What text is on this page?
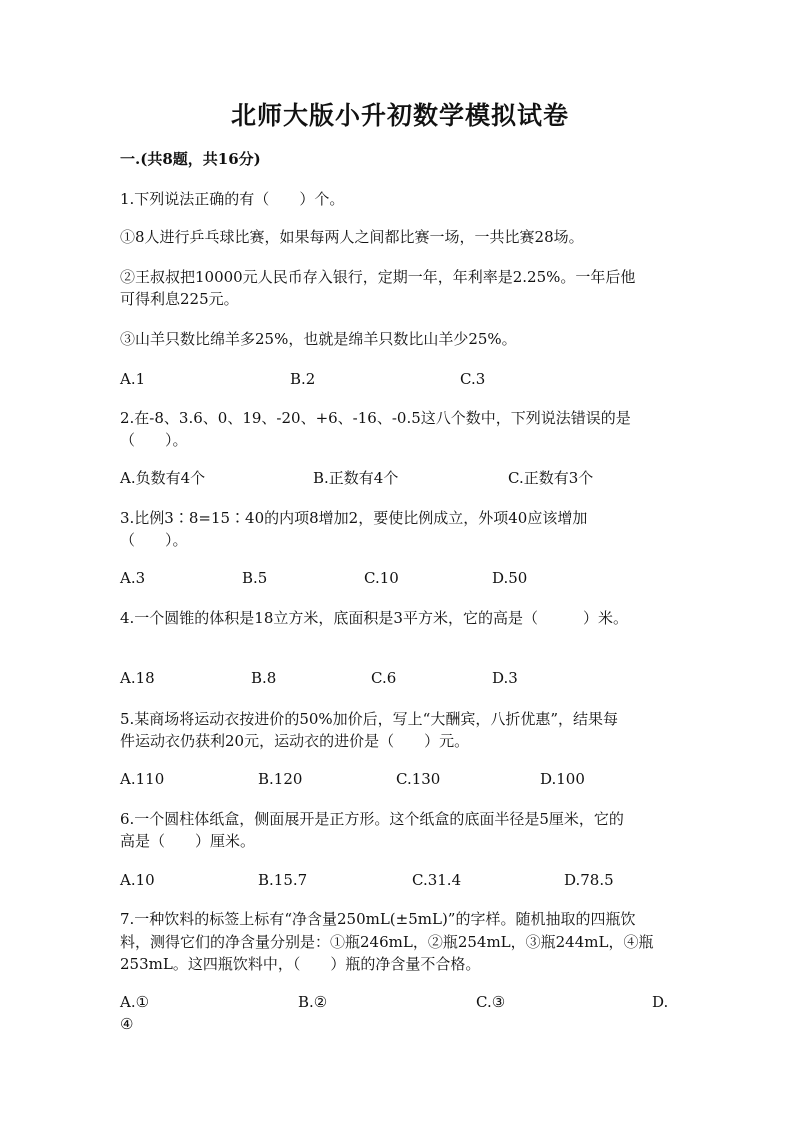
北师大版小升初数学模拟试卷

一.(共8题，共16分)

1.下列说法正确的有（　　）个。

①8人进行乒乓球比赛，如果每两人之间都比赛一场，一共比赛28场。

②王叔叔把10000元人民币存入银行，定期一年，年利率是2.25%。一年后他

可得利息225元。

③山羊只数比绵羊多25%，也就是绵羊只数比山羊少25%。

A.1	B.2	C.3

2.在-8、3.6、0、19、-20、+6、-16、-0.5这八个数中，下列说法错误的是

（　　）。

A.负数有4个	B.正数有4个	C.正数有3个

3.比例3∶8=15∶40的内项8增加2，要使比例成立，外项40应该增加

（　　）。

A.3	B.5	C.10	D.50

4.一个圆锥的体积是18立方米，底面积是3平方米，它的高是（　　　）米。

A.18	B.8	C.6	D.3

5.某商场将运动衣按进价的50%加价后，写上“大酬宾，八折优惠”，结果每

件运动衣仍获利20元，运动衣的进价是（　　）元。

A.110	B.120	C.130	D.100

6.一个圆柱体纸盒，侧面展开是正方形。这个纸盒的底面半径是5厘米，它的

高是（　　）厘米。

A.10	B.15.7	C.31.4	D.78.5

7.一种饮料的标签上标有“净含量250mL(±5mL)”的字样。随机抽取的四瓶饮

料，测得它们的净含量分别是：①瓶246mL，②瓶254mL，③瓶244mL，④瓶

253mL。这四瓶饮料中，（　　）瓶的净含量不合格。

A.①	B.②	C.③	D.

④
